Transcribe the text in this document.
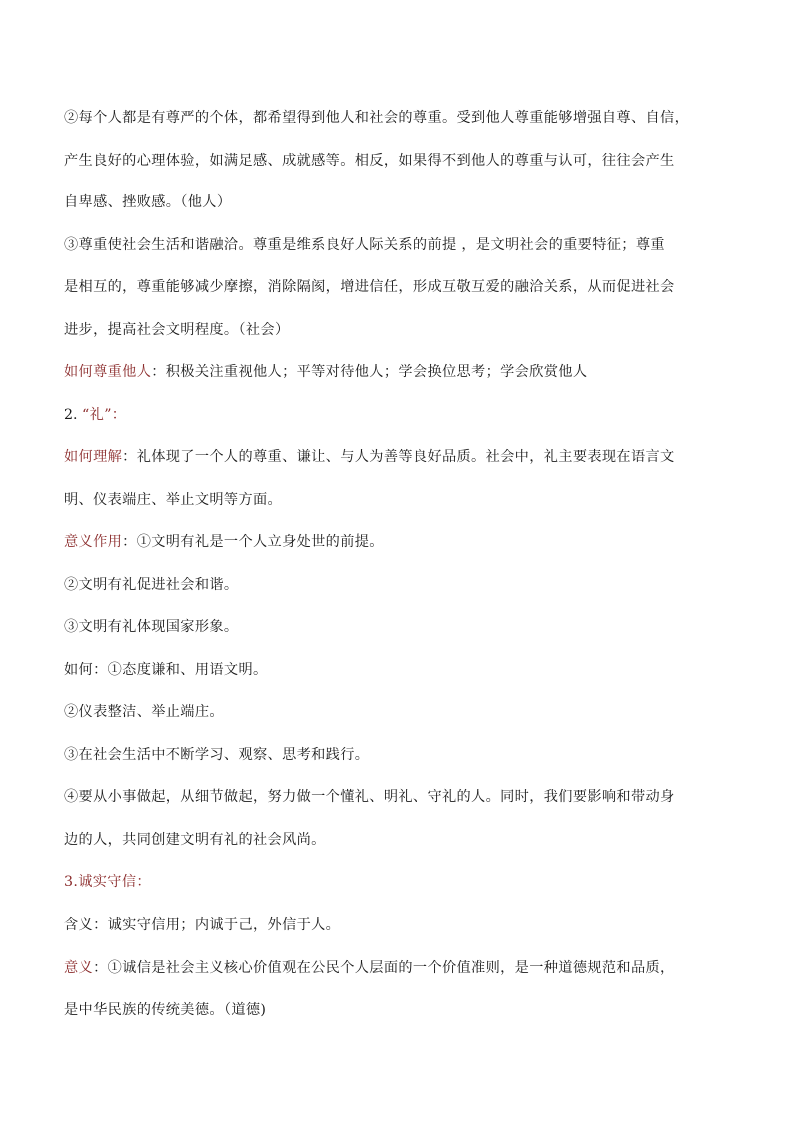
②每个人都是有尊严的个体，都希望得到他人和社会的尊重。受到他人尊重能够增强自尊、自信，
产生良好的心理体验，如满足感、成就感等。相反，如果得不到他人的尊重与认可，往往会产生
自卑感、挫败感。（他人）
③尊重使社会生活和谐融洽。尊重是维系良好人际关系的前提 ，是文明社会的重要特征；尊重
是相互的，尊重能够减少摩擦，消除隔阂，增进信任，形成互敬互爱的融洽关系，从而促进社会
进步，提高社会文明程度。（社会）
如何尊重他人：积极关注重视他人；平等对待他人；学会换位思考；学会欣赏他人
2. “礼”：
如何理解：礼体现了一个人的尊重、谦让、与人为善等良好品质。社会中，礼主要表现在语言文
明、仪表端庄、举止文明等方面。
意义作用：①文明有礼是一个人立身处世的前提。
②文明有礼促进社会和谐。
③文明有礼体现国家形象。
如何：①态度谦和、用语文明。
②仪表整洁、举止端庄。
③在社会生活中不断学习、观察、思考和践行。
④要从小事做起，从细节做起，努力做一个懂礼、明礼、守礼的人。同时，我们要影响和带动身
边的人，共同创建文明有礼的社会风尚。
3.诚实守信：
含义：诚实守信用；内诚于己，外信于人。
意义：①诚信是社会主义核心价值观在公民个人层面的一个价值准则，是一种道德规范和品质，
是中华民族的传统美德。（道德)
